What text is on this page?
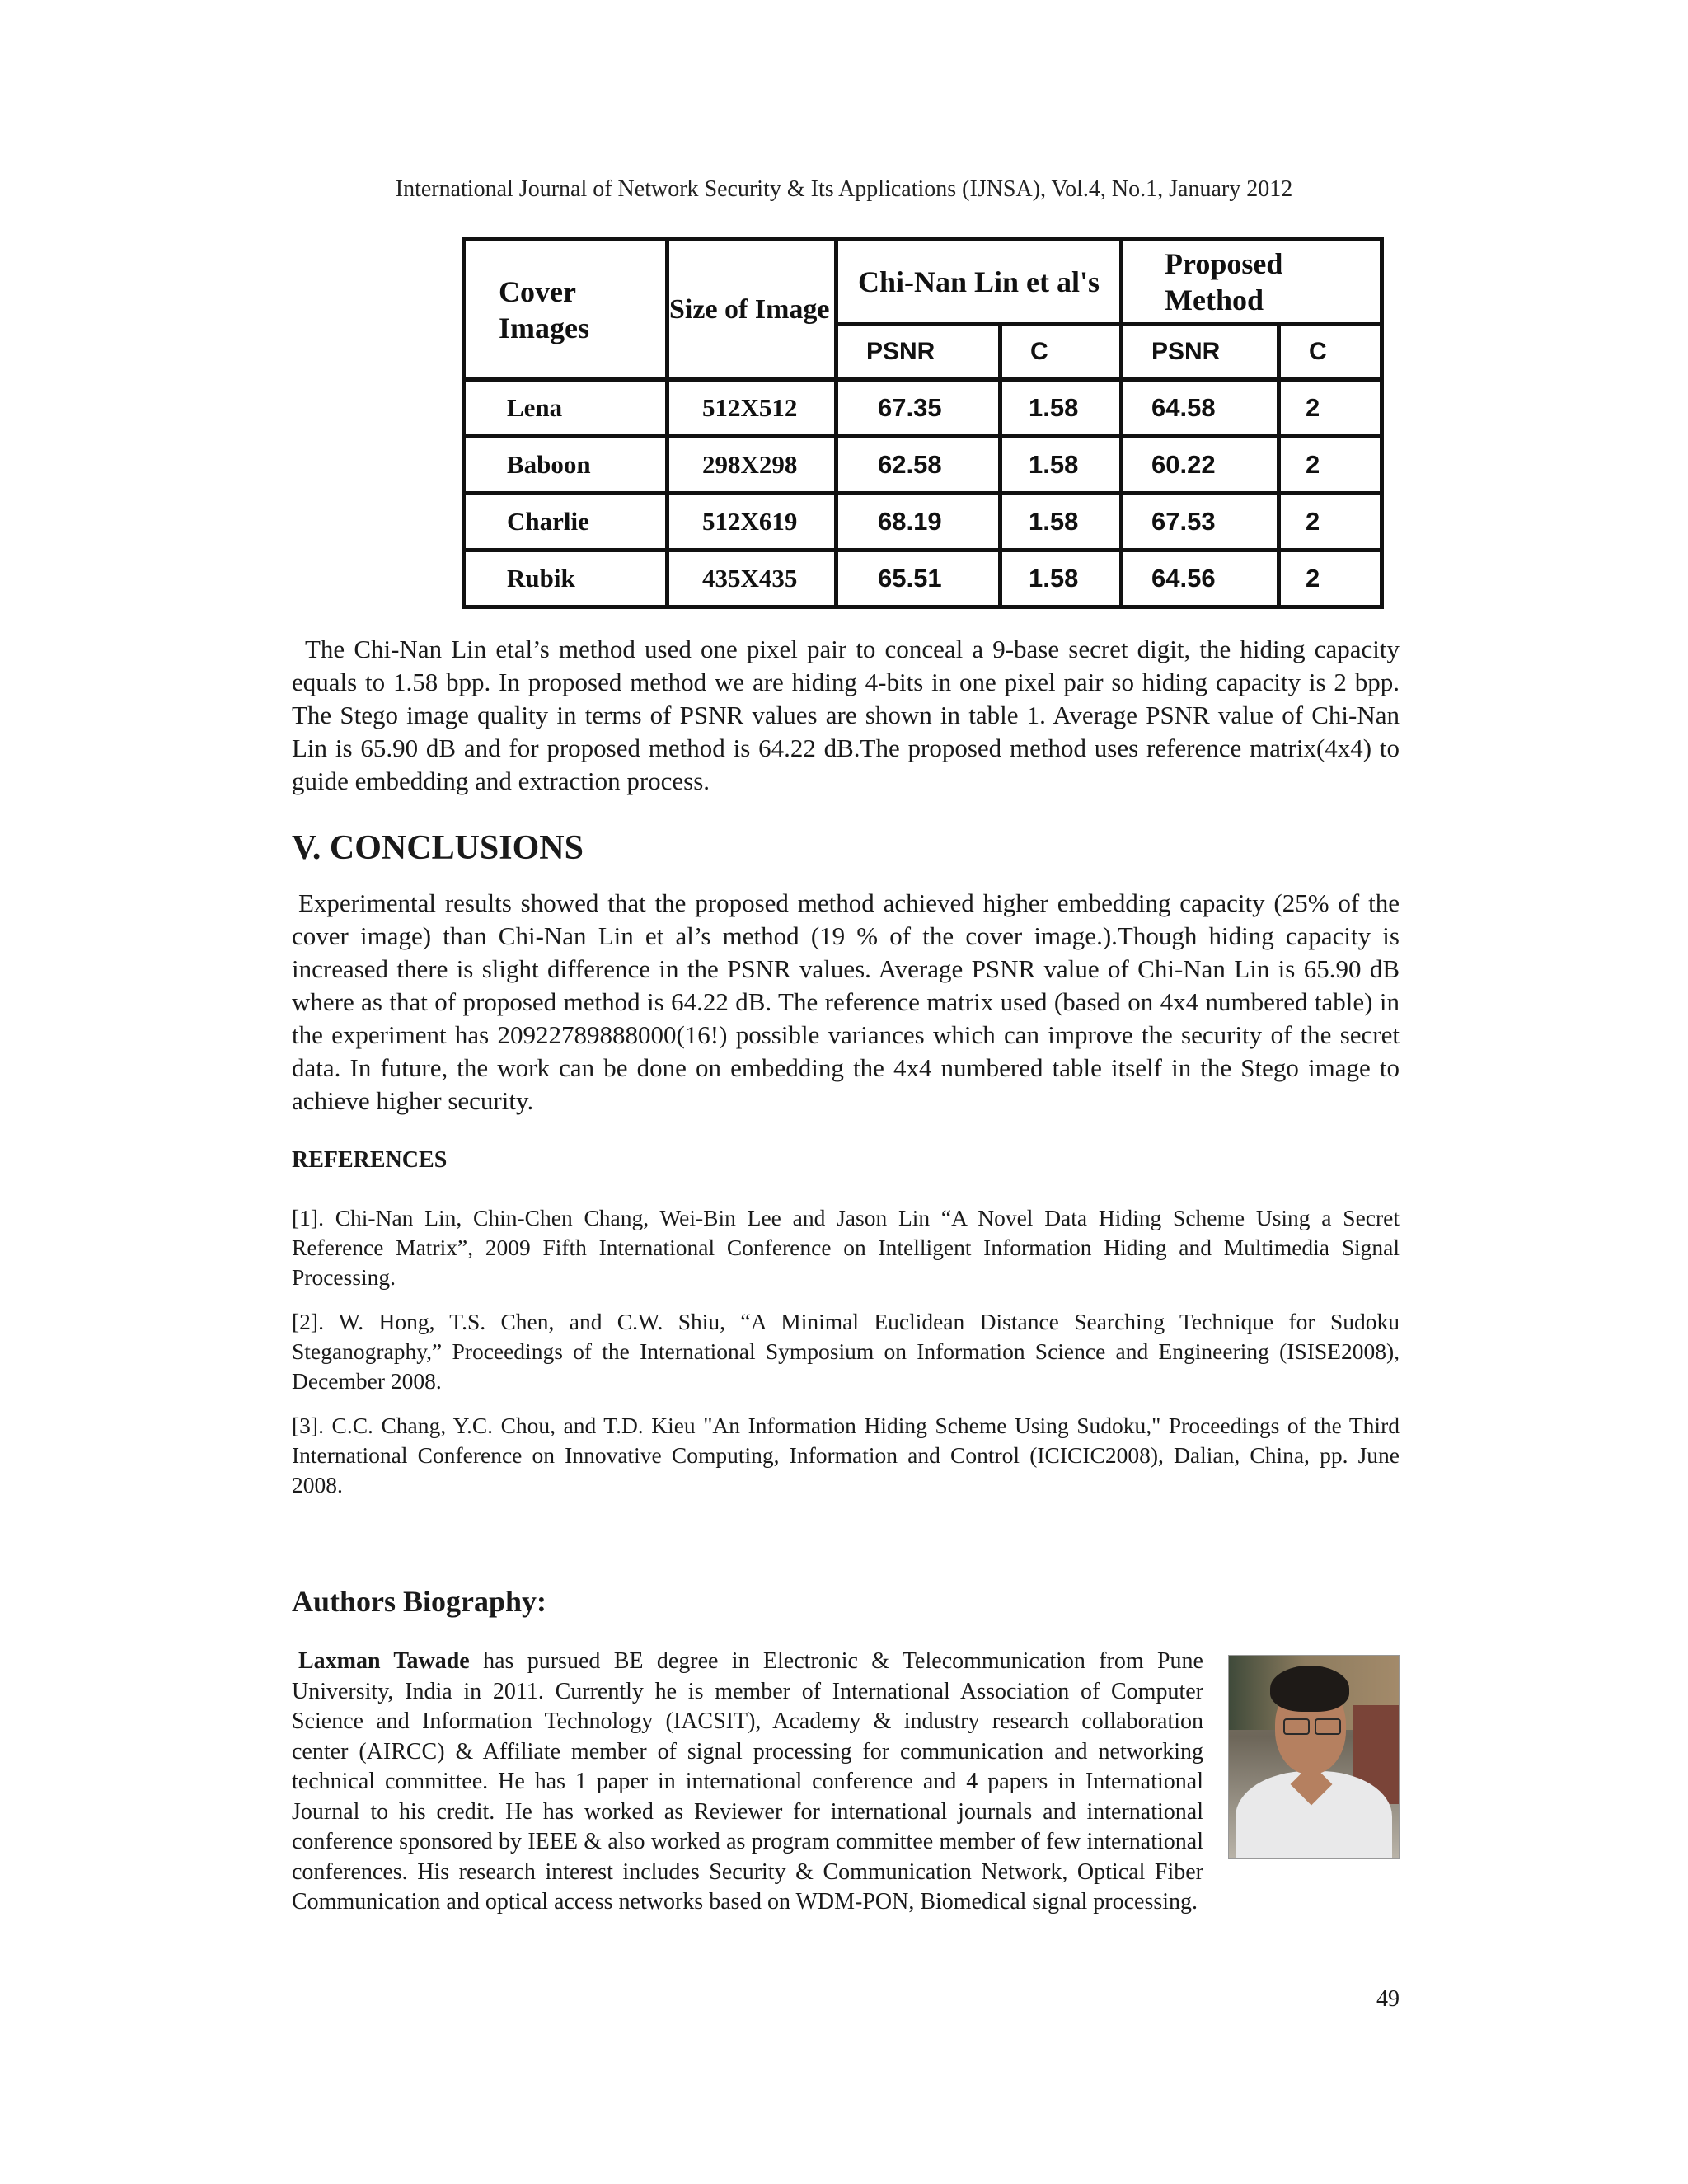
International Journal of Network Security & Its Applications (IJNSA), Vol.4, No.1, January 2012
Cover Images	Size of Image	Chi-Nan Lin et al's		Proposed Method	
		PSNR	C	PSNR	C
Lena	512X512	67.35	1.58	64.58	2
Baboon	298X298	62.58	1.58	60.22	2
Charlie	512X619	68.19	1.58	67.53	2
Rubik	435X435	65.51	1.58	64.56	2

The Chi-Nan Lin etal’s method used one pixel pair to conceal a 9-base secret digit, the hiding capacity equals to 1.58 bpp. In proposed method we are hiding 4-bits in one pixel pair so hiding capacity is 2 bpp. The Stego image quality in terms of PSNR values are shown in table 1. Average PSNR value of Chi-Nan Lin is 65.90 dB and for proposed method is 64.22 dB.The proposed method uses reference matrix(4x4) to guide embedding and extraction process.

V. CONCLUSIONS

Experimental results showed that the proposed method achieved higher embedding capacity (25% of the cover image) than Chi-Nan Lin et al’s method (19 % of the cover image.).Though hiding capacity is increased there is slight difference in the PSNR values. Average PSNR value of Chi-Nan Lin is 65.90 dB where as that of proposed method is 64.22 dB. The reference matrix used (based on 4x4 numbered table) in the experiment has 20922789888000(16!) possible variances which can improve the security of the secret data. In future, the work can be done on embedding the 4x4 numbered table itself in the Stego image to achieve higher security.

REFERENCES

[1]. Chi-Nan Lin, Chin-Chen Chang, Wei-Bin Lee and Jason Lin “A Novel Data Hiding Scheme Using a Secret Reference Matrix”, 2009 Fifth International Conference on Intelligent Information Hiding and Multimedia Signal Processing.

[2]. W. Hong, T.S. Chen, and C.W. Shiu, “A Minimal Euclidean Distance Searching Technique for Sudoku Steganography,” Proceedings of the International Symposium on Information Science and Engineering (ISISE2008), December 2008.

[3]. C.C. Chang, Y.C. Chou, and T.D. Kieu "An Information Hiding Scheme Using Sudoku," Proceedings of the Third International Conference on Innovative Computing, Information and Control (ICICIC2008), Dalian, China, pp. June 2008.

Authors Biography:
Laxman Tawade has pursued BE degree in Electronic & Telecommunication from Pune University, India in 2011. Currently he is member of International Association of Computer Science and Information Technology (IACSIT), Academy & industry research collaboration center (AIRCC) & Affiliate member of signal processing for communication and networking technical committee. He has 1 paper in international conference and 4 papers in International Journal to his credit. He has worked as Reviewer for international journals and international conference sponsored by IEEE & also worked as program committee member of few international conferences. His research interest includes Security & Communication Network, Optical Fiber Communication and optical access networks based on WDM-PON, Biomedical signal processing.
49
